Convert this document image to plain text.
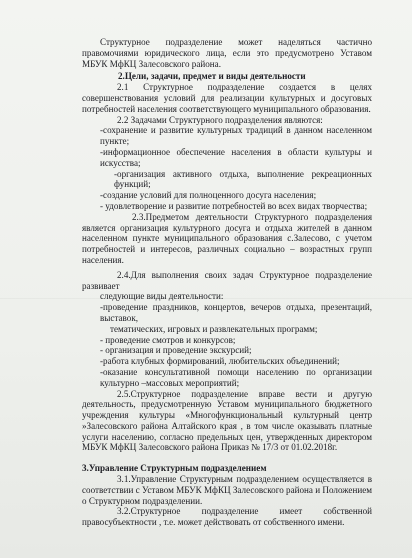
Структурное подразделение может наделяться частично правомочиями юридического лица, если это предусмотрено Уставом МБУК МфКЦ Залесовского района.

2.Цели, задачи, предмет и виды деятельности

2.1 Структурное подразделение создается в целях совершенствования условий для реализации культурных и досуговых потребностей населения соответствующего муниципального образования.

2.2 Задачами Структурного подразделения являются:

-сохранение и развитие культурных традиций в данном населенном пункте;

-информационное обеспечение населения в области культуры и искусства;

-организация активного отдыха, выполнение рекреационных функций;

-создание условий для полноценного досуга населения;

- удовлетворение и развитие потребностей во всех видах творчества;

2.3.Предметом деятельности Структурного подразделения является организация культурного досуга и отдыха жителей в данном населенном пункте муниципального образования с.Залесово, с учетом потребностей и интересов, различных социально – возрастных групп населения.

2.4.Для выполнения своих задач Структурное подразделение развивает

следующие виды деятельности:

-проведение праздников, концертов, вечеров отдыха, презентаций, выставок,

тематических, игровых и развлекательных программ;

- проведение смотров и конкурсов;

- организация и проведение экскурсий;

-работа клубных формирований, любительских объединений;

-оказание консультативной помощи населению по организации культурно –массовых мероприятий;

2.5.Структурное подразделение вправе вести и другую деятельность, предусмотренную Уставом муниципального бюджетного учреждения культуры «Многофункциональный культурный центр »Залесовского района Алтайского края , в том числе оказывать платные услуги населению, согласно предельных цен, утвержденных директором МБУК МфКЦ Залесовского района Приказ № 17/3 от 01.02.2018г.

3.Управление Структурным подразделением

3.1.Управление Структурным подразделением осуществляется в соответствии с Уставом МБУК МфКЦ Залесовского района и Положением о Структурном подразделении.

3.2.Структурное подразделение имеет собственной правосубъектности , т.е. может действовать от собственного имени.
